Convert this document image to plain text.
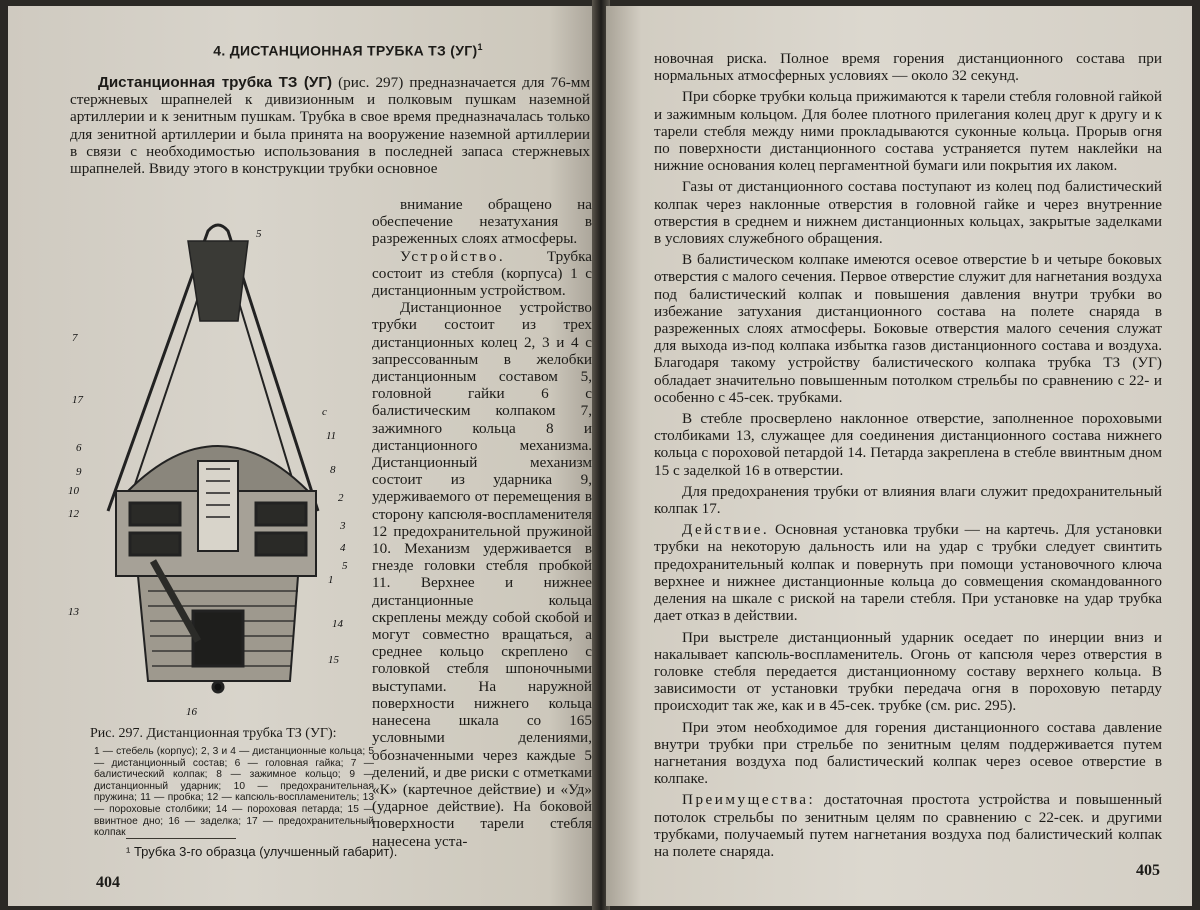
4. ДИСТАНЦИОННАЯ ТРУБКА ТЗ (УГ)$^1$

Дистанционная трубка ТЗ (УГ) (рис. 297) предназначается для 76-мм стержневых шрапнелей к дивизионным и полковым пушкам наземной артиллерии и к зенитным пушкам. Трубка в свое время предназначалась только для зенитной артиллерии и была принята на вооружение наземной артиллерии в связи с необходимостью использования в последней запаса стержневых шрапнелей. Ввиду этого в конструкции трубки основное

5
7
17
c
11
6
8
9
10
2
12
3
4
5
1
13
14
15
16

внимание обращено на обеспечение незатухания в разреженных слоях атмосферы.

Устройство. Трубка состоит из стебля (корпуса) 1 с дистанционным устройством.

Дистанционное устройство трубки состоит из трех дистанционных колец 2, 3 и 4 с запрессованным в желобки дистанционным составом 5, головной гайки 6 с балистическим колпаком 7, зажимного кольца 8 и дистанционного механизма. Дистанционный механизм состоит из ударника 9, удерживаемого от перемещения в сторону капсюля-воспламенителя 12 предохранительной пружиной 10. Механизм удерживается в гнезде головки стебля пробкой 11. Верхнее и нижнее дистанционные кольца скреплены между собой скобой и могут совместно вращаться, а среднее кольцо скреплено с головкой стебля шпоночными выступами. На наружной поверхности нижнего кольца нанесена шкала со 165 условными делениями, обозначенными через каждые 5 делений, и две риски с отметками «К» (картечное действие) и «Уд» (ударное действие). На боковой поверхности тарели стебля нанесена уста-

Рис. 297. Дистанционная трубка ТЗ (УГ):
1 — стебель (корпус); 2, 3 и 4 — дистанционные кольца; 5 — дистанционный состав; 6 — головная гайка; 7 — балистический колпак; 8 — зажимное кольцо; 9 — дистанционный ударник; 10 — предохранительная пружина; 11 — пробка; 12 — капсюль-воспламенитель; 13 — пороховые столбики; 14 — пороховая петарда; 15 — ввинтное дно; 16 — заделка; 17 — предохранительный колпак
¹ Трубка 3-го образца (улучшенный габарит).
404

новочная риска. Полное время горения дистанционного состава при нормальных атмосферных условиях — около 32 секунд.

При сборке трубки кольца прижимаются к тарели стебля головной гайкой и зажимным кольцом. Для более плотного прилегания колец друг к другу и к тарели стебля между ними прокладываются суконные кольца. Прорыв огня по поверхности дистанционного состава устраняется путем наклейки на нижние основания колец пергаментной бумаги или покрытия их лаком.

Газы от дистанционного состава поступают из колец под балистический колпак через наклонные отверстия в головной гайке и через внутренние отверстия в среднем и нижнем дистанционных кольцах, закрытые заделками в условиях служебного обращения.

В балистическом колпаке имеются осевое отверстие b и четыре боковых отверстия c малого сечения. Первое отверстие служит для нагнетания воздуха под балистический колпак и повышения давления внутри трубки во избежание затухания дистанционного состава на полете снаряда в разреженных слоях атмосферы. Боковые отверстия малого сечения служат для выхода из-под колпака избытка газов дистанционного состава и воздуха. Благодаря такому устройству балистического колпака трубка ТЗ (УГ) обладает значительно повышенным потолком стрельбы по сравнению с 22- и особенно с 45-сек. трубками.

В стебле просверлено наклонное отверстие, заполненное пороховыми столбиками 13, служащее для соединения дистанционного состава нижнего кольца с пороховой петардой 14. Петарда закреплена в стебле ввинтным дном 15 с заделкой 16 в отверстии.

Для предохранения трубки от влияния влаги служит предохранительный колпак 17.

Действие. Основная установка трубки — на картечь. Для установки трубки на некоторую дальность или на удар с трубки следует свинтить предохранительный колпак и повернуть при помощи установочного ключа верхнее и нижнее дистанционные кольца до совмещения скомандованного деления на шкале с риской на тарели стебля. При установке на удар трубка дает отказ в действии.

При выстреле дистанционный ударник оседает по инерции вниз и накалывает капсюль-воспламенитель. Огонь от капсюля через отверстия в головке стебля передается дистанционному составу верхнего кольца. В зависимости от установки трубки передача огня в пороховую петарду происходит так же, как и в 45-сек. трубке (см. рис. 295).

При этом необходимое для горения дистанционного состава давление внутри трубки при стрельбе по зенитным целям поддерживается путем нагнетания воздуха под балистический колпак через осевое отверстие в колпаке.

Преимущества: достаточная простота устройства и повышенный потолок стрельбы по зенитным целям по сравнению с 22-сек. и другими трубками, получаемый путем нагнетания воздуха под балистический колпак на полете снаряда.

405
